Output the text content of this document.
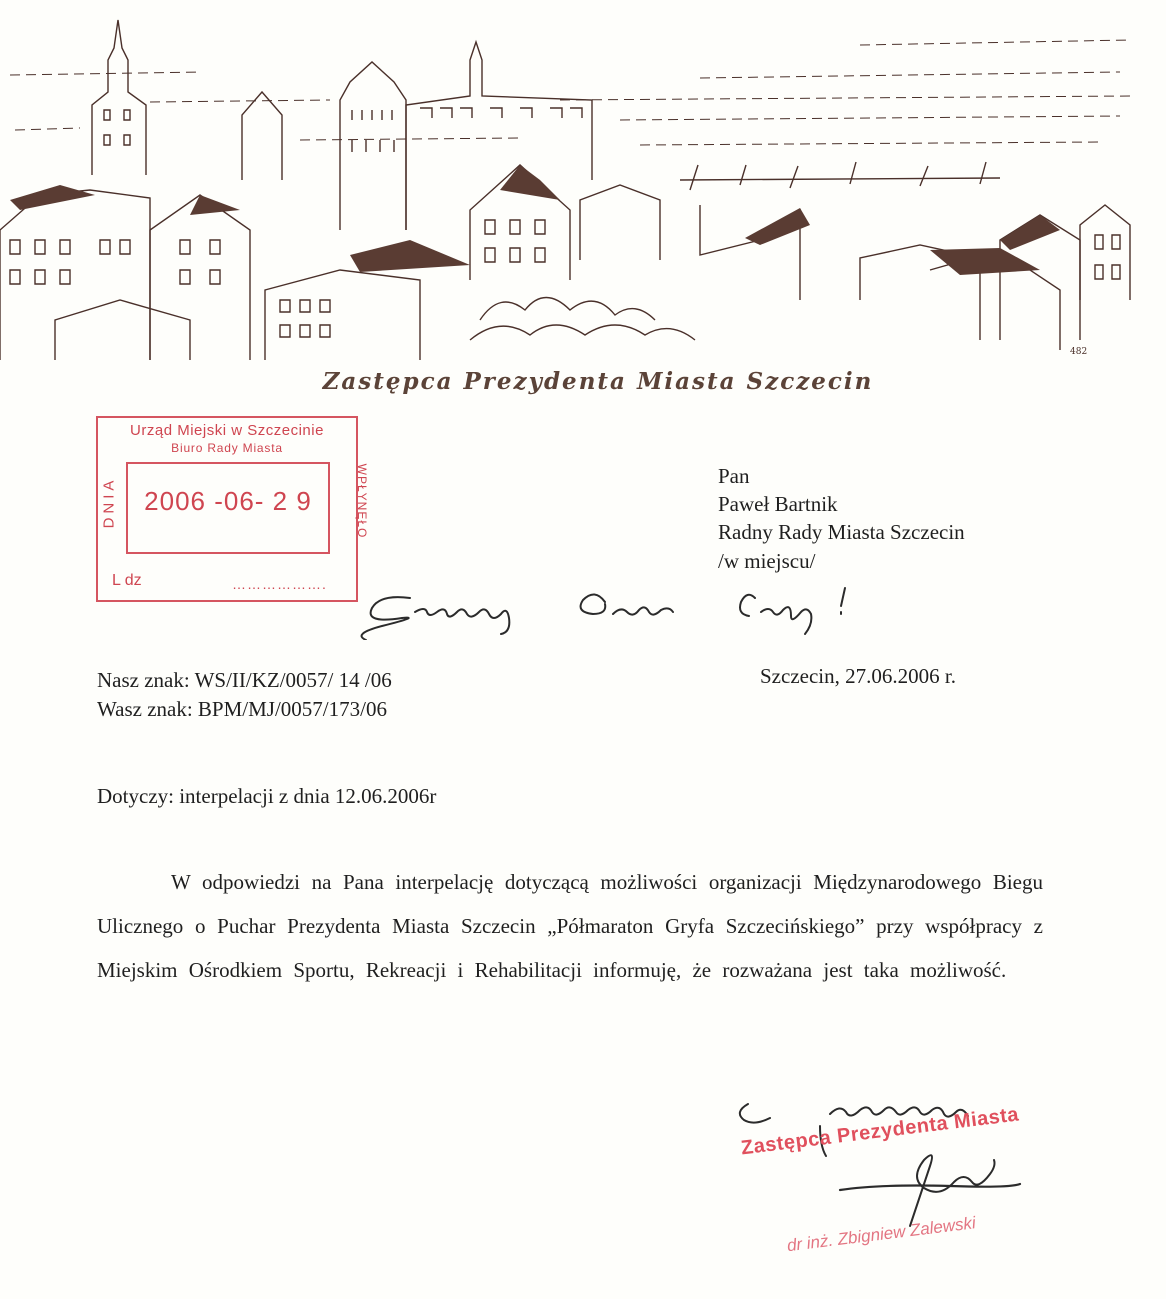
482
Zastępca Prezydenta Miasta Szczecin
Urząd Miejski w Szczecinie
Biuro Rady Miasta
2006 -06- 2 9
DNIA	WPŁYNĘŁO
L dz	……………….
Pan
Paweł Bartnik
Radny Rady Miasta Szczecin
/w miejscu/
Nasz znak: WS/II/KZ/0057/ 14 /06
Wasz znak: BPM/MJ/0057/173/06
Szczecin, 27.06.2006 r.
Dotyczy: interpelacji z dnia 12.06.2006r
W odpowiedzi na Pana interpelację dotyczącą możliwości organizacji Międzynarodowego Biegu Ulicznego o Puchar Prezydenta Miasta Szczecin „Półmaraton Gryfa Szczecińskiego” przy współpracy z Miejskim Ośrodkiem Sportu, Rekreacji i Rehabilitacji informuję, że rozważana jest taka możliwość.
Zastępca Prezydenta Miasta
dr inż. Zbigniew Zalewski
